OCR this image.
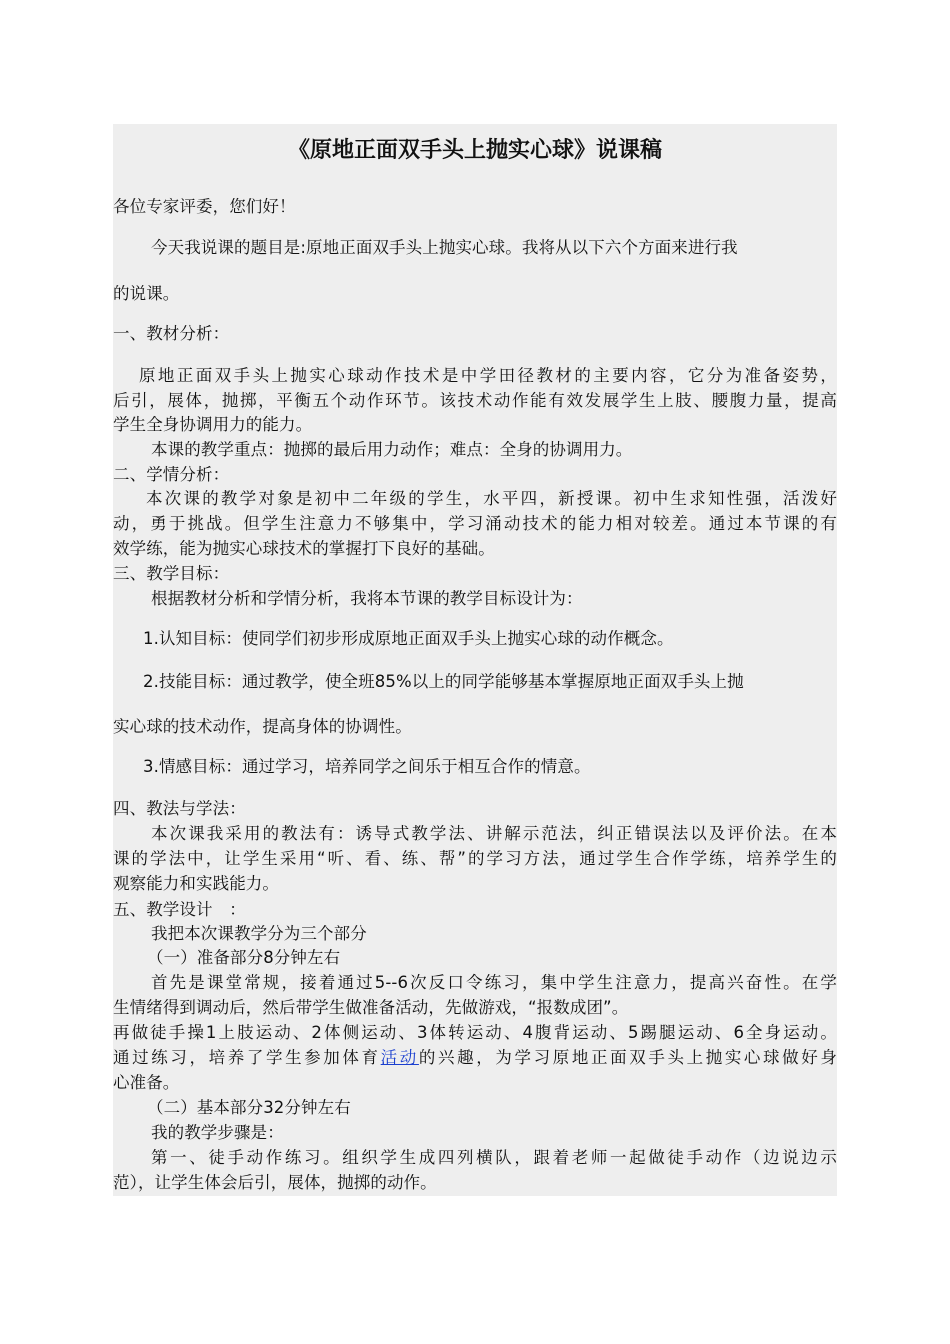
《原地正面双手头上抛实心球》说课稿
各位专家评委，您们好！
今天我说课的题目是:原地正面双手头上抛实心球。我将从以下六个方面来进行我
的说课。
一、教材分析：
原地正面双手头上抛实心球动作技术是中学田径教材的主要内容，它分为准备姿势，
后引，展体，抛掷，平衡五个动作环节。该技术动作能有效发展学生上肢、腰腹力量，提高
学生全身协调用力的能力。
本课的教学重点：抛掷的最后用力动作；难点：全身的协调用力。
二、学情分析：
本次课的教学对象是初中二年级的学生，水平四，新授课。初中生求知性强，活泼好
动，勇于挑战。但学生注意力不够集中，学习涌动技术的能力相对较差。通过本节课的有
效学练，能为抛实心球技术的掌握打下良好的基础。
三、教学目标：
根据教材分析和学情分析，我将本节课的教学目标设计为：
1.认知目标：使同学们初步形成原地正面双手头上抛实心球的动作概念。
2.技能目标：通过教学，使全班85%以上的同学能够基本掌握原地正面双手头上抛
实心球的技术动作，提高身体的协调性。
3.情感目标：通过学习，培养同学之间乐于相互合作的情意。
四、教法与学法：
本次课我采用的教法有：诱导式教学法、讲解示范法，纠正错误法以及评价法。在本
课的学法中，让学生采用“听、看、练、帮”的学习方法，通过学生合作学练，培养学生的
观察能力和实践能力。
五、教学设计　：
我把本次课教学分为三个部分
（一）准备部分8分钟左右
首先是课堂常规，接着通过5--6次反口令练习，集中学生注意力，提高兴奋性。在学
生情绪得到调动后，然后带学生做准备活动，先做游戏，“报数成团”。
再做徒手操1上肢运动、2体侧运动、3体转运动、4腹背运动、5踢腿运动、6全身运动。
通过练习，培养了学生参加体育活动的兴趣，为学习原地正面双手头上抛实心球做好身
心准备。
（二）基本部分32分钟左右
我的教学步骤是：
第一、徒手动作练习。组织学生成四列横队，跟着老师一起做徒手动作（边说边示
范），让学生体会后引，展体，抛掷的动作。
